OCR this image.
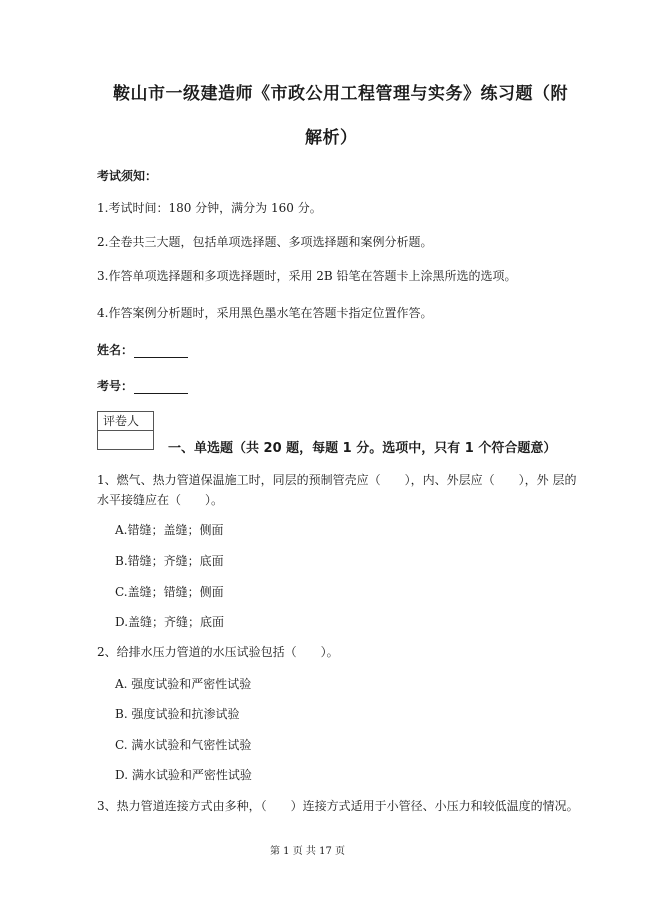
鞍山市一级建造师《市政公用工程管理与实务》练习题（附
解析）
考试须知：
1.考试时间：180 分钟，满分为 160 分。
2.全卷共三大题，包括单项选择题、多项选择题和案例分析题。
3.作答单项选择题和多项选择题时，采用 2B 铅笔在答题卡上涂黑所选的选项。
4.作答案例分析题时，采用黑色墨水笔在答题卡指定位置作答。
姓名：
考号：
评卷人
一、单选题（共 20 题，每题 1 分。选项中，只有 1 个符合题意）
1、燃气、热力管道保温施工时，同层的预制管壳应（　　），内、外层应（　　），外 层的
水平接缝应在（　　）。
A.错缝；盖缝；侧面
B.错缝；齐缝；底面
C.盖缝；错缝；侧面
D.盖缝；齐缝；底面
2、给排水压力管道的水压试验包括（　　）。
A. 强度试验和严密性试验
B. 强度试验和抗渗试验
C. 满水试验和气密性试验
D. 满水试验和严密性试验
3、热力管道连接方式由多种，（　　）连接方式适用于小管径、小压力和较低温度的情况。
第 1 页 共 17 页
